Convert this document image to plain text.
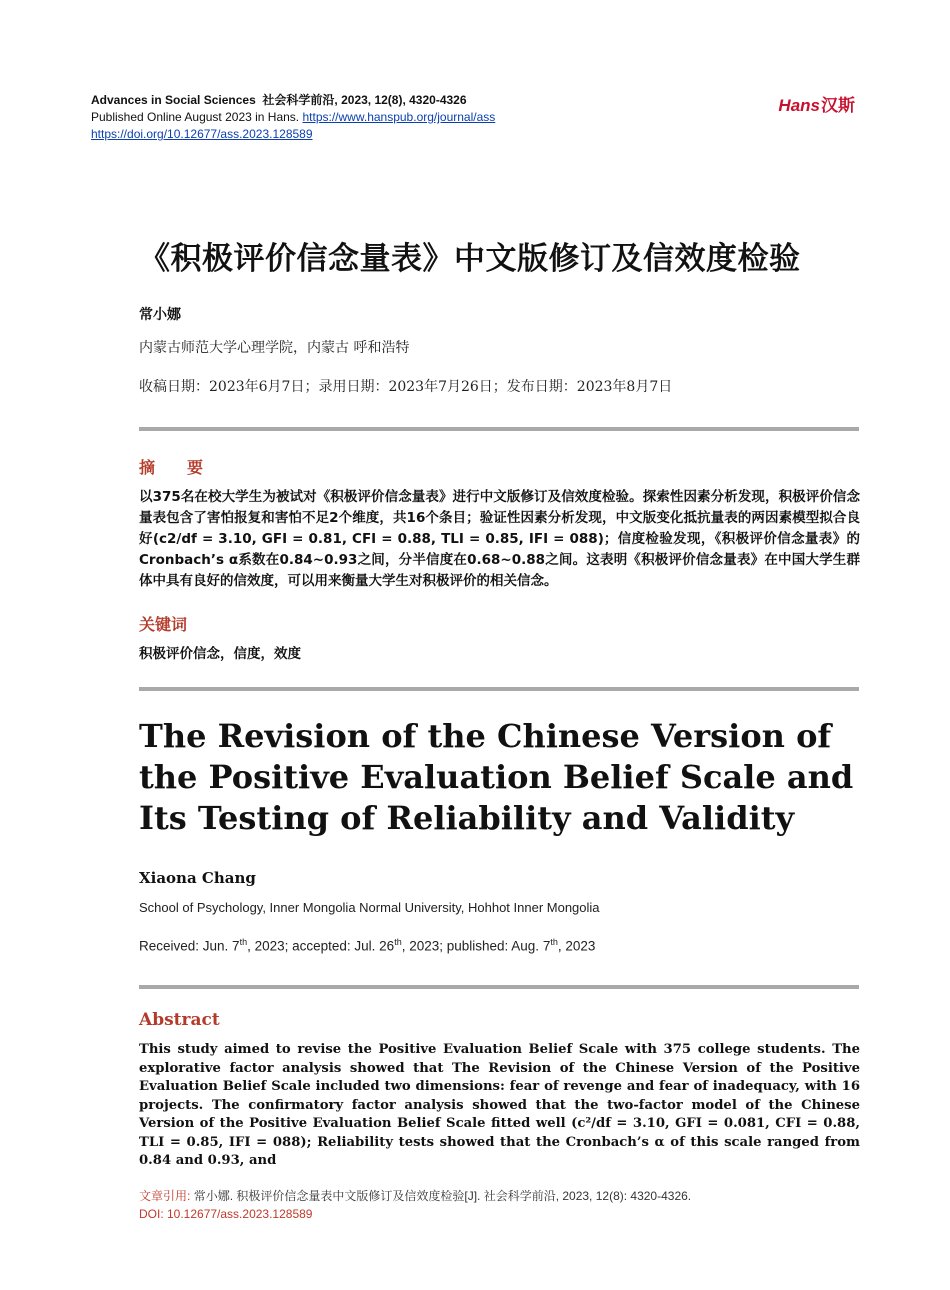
Advances in Social Sciences 社会科学前沿, 2023, 12(8), 4320-4326
Published Online August 2023 in Hans. https://www.hanspub.org/journal/ass
https://doi.org/10.12677/ass.2023.128589
Hans汉斯
《积极评价信念量表》中文版修订及信效度检验
常小娜
内蒙古师范大学心理学院，内蒙古 呼和浩特
收稿日期：2023年6月7日；录用日期：2023年7月26日；发布日期：2023年8月7日
摘　要
以375名在校大学生为被试对《积极评价信念量表》进行中文版修订及信效度检验。探索性因素分析发现，积极评价信念量表包含了害怕报复和害怕不足2个维度，共16个条目；验证性因素分析发现，中文版变化抵抗量表的两因素模型拟合良好(c2/df = 3.10, GFI = 0.81, CFI = 0.88, TLI = 0.85, IFI = 088)；信度检验发现，《积极评价信念量表》的Cronbach’s α系数在0.84~0.93之间，分半信度在0.68~0.88之间。这表明《积极评价信念量表》在中国大学生群体中具有良好的信效度，可以用来衡量大学生对积极评价的相关信念。
关键词
积极评价信念，信度，效度
The Revision of the Chinese Version of the Positive Evaluation Belief Scale and Its Testing of Reliability and Validity
Xiaona Chang
School of Psychology, Inner Mongolia Normal University, Hohhot Inner Mongolia
Received: Jun. 7th, 2023; accepted: Jul. 26th, 2023; published: Aug. 7th, 2023
Abstract
This study aimed to revise the Positive Evaluation Belief Scale with 375 college students. The explorative factor analysis showed that The Revision of the Chinese Version of the Positive Evaluation Belief Scale included two dimensions: fear of revenge and fear of inadequacy, with 16 projects. The confirmatory factor analysis showed that the two-factor model of the Chinese Version of the Positive Evaluation Belief Scale fitted well (c²/df = 3.10, GFI = 0.081, CFI = 0.88, TLI = 0.85, IFI = 088); Reliability tests showed that the Cronbach’s α of this scale ranged from 0.84 and 0.93, and
文章引用: 常小娜. 积极评价信念量表中文版修订及信效度检验[J]. 社会科学前沿, 2023, 12(8): 4320-4326.
DOI: 10.12677/ass.2023.128589
